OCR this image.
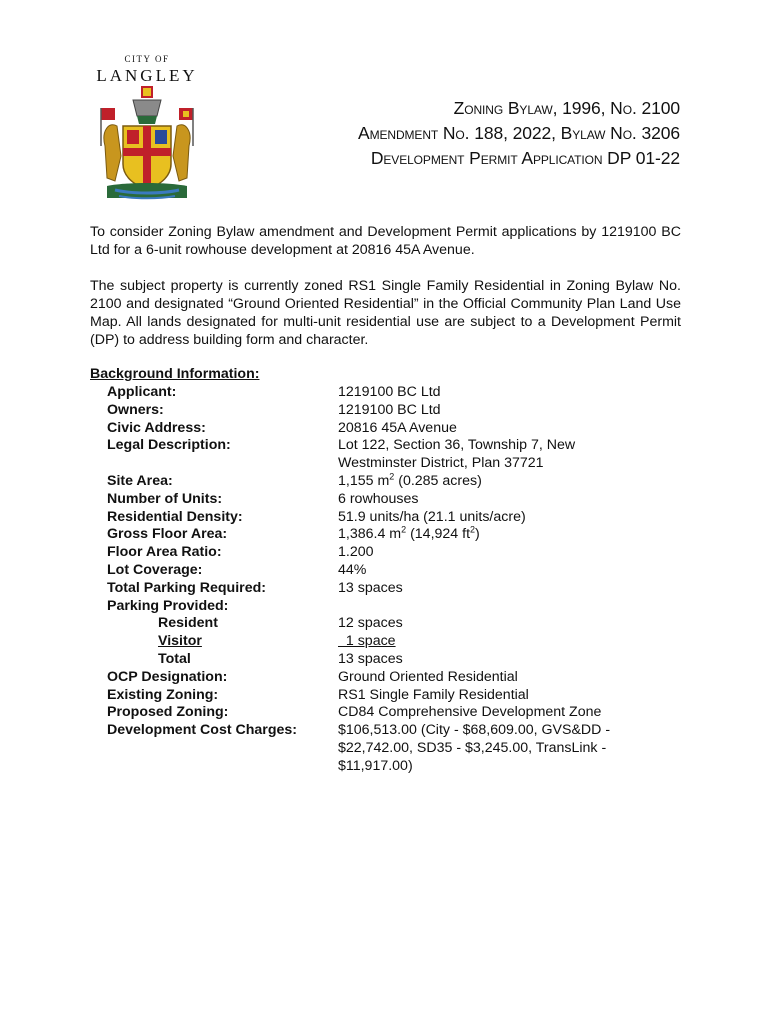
CITY OF
LANGLEY
Zoning Bylaw, 1996, No. 2100
Amendment No. 188, 2022, Bylaw No. 3206
Development Permit Application DP 01-22
To consider Zoning Bylaw amendment and Development Permit applications by 1219100 BC Ltd for a 6-unit rowhouse development at 20816 45A Avenue.
The subject property is currently zoned RS1 Single Family Residential in Zoning Bylaw No. 2100 and designated “Ground Oriented Residential” in the Official Community Plan Land Use Map. All lands designated for multi-unit residential use are subject to a Development Permit (DP) to address building form and character.
Background Information:
Applicant:	1219100 BC Ltd
Owners:	1219100 BC Ltd
Civic Address:	20816 45A Avenue
Legal Description:	Lot 122, Section 36, Township 7, New
Westminster District, Plan 37721
Site Area:	1,155 $m^2$ (0.285 acres)
Number of Units:	6 rowhouses
Residential Density:	51.9 units/ha (21.1 units/acre)
Gross Floor Area:	1,386.4 $m^2$ (14,924 $ft^2$)
Floor Area Ratio:	1.200
Lot Coverage:	44%
Total Parking Required:	13 spaces
Parking Provided:
Resident	12 spaces
Visitor	1 space
Total	13 spaces
OCP Designation:	Ground Oriented Residential
Existing Zoning:	RS1 Single Family Residential
Proposed Zoning:	CD84 Comprehensive Development Zone
Development Cost Charges:	$106,513.00 (City - $68,609.00, GVS&DD -
$22,742.00, SD35 - $3,245.00, TransLink -
$11,917.00)
